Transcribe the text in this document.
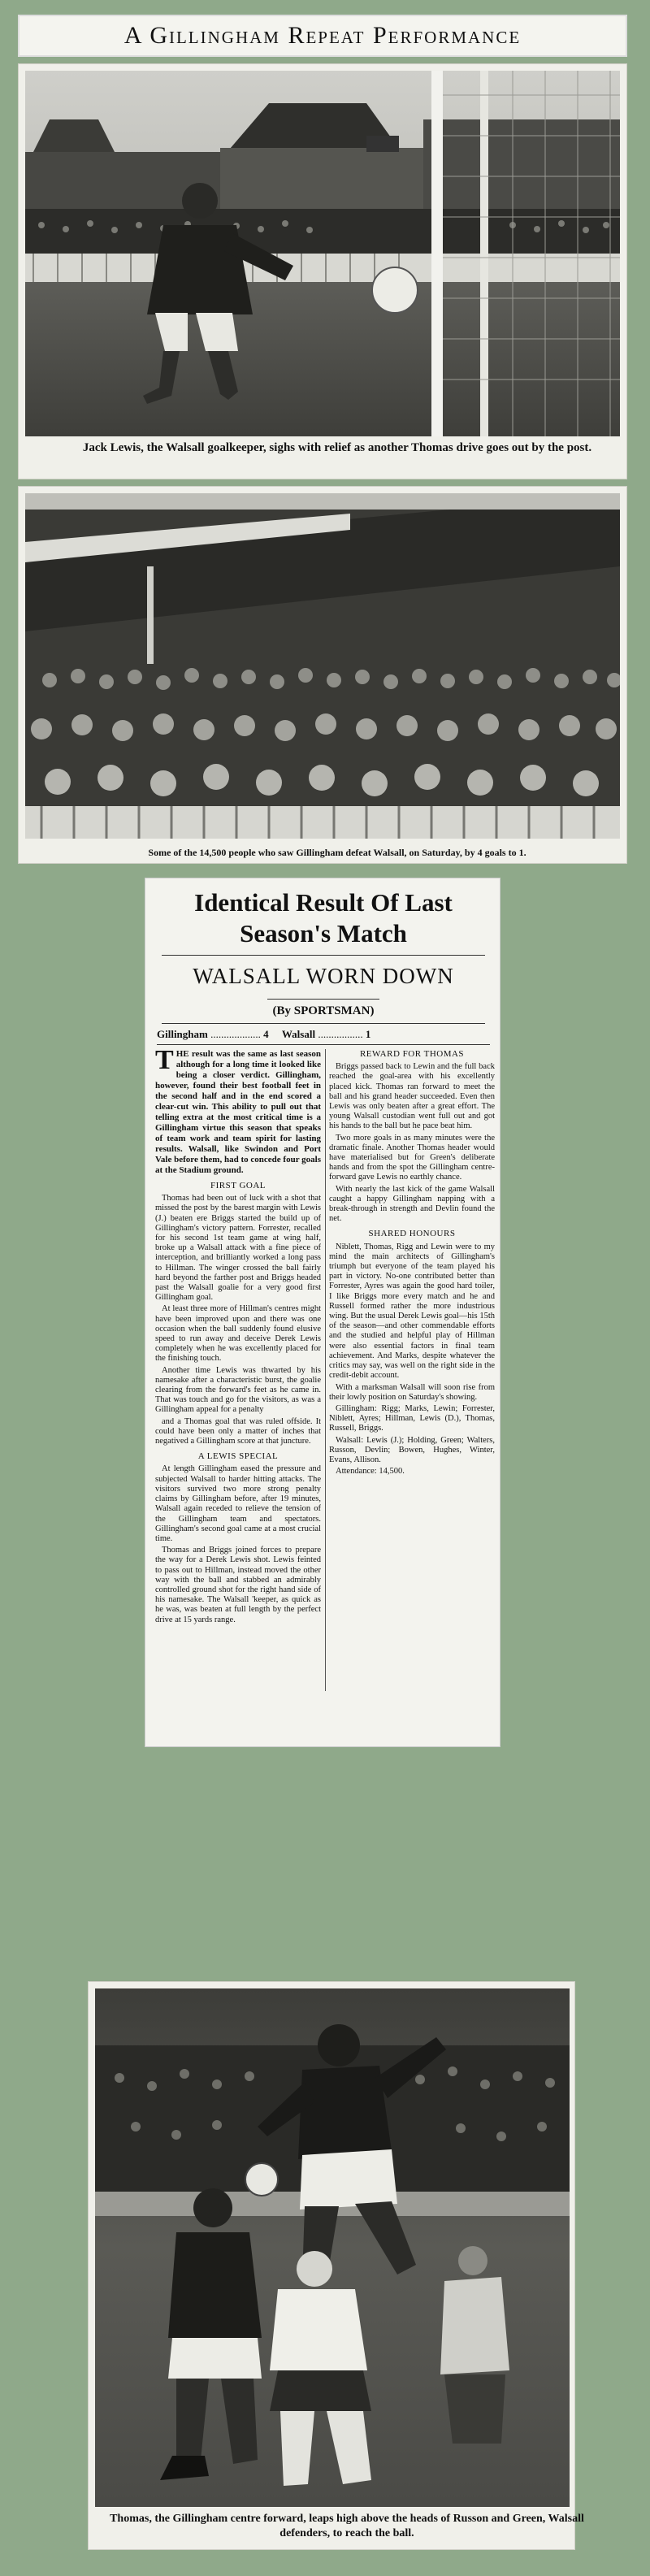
A Gillingham Repeat Performance
Jack Lewis, the Walsall goalkeeper, sighs with relief as another Thomas drive goes out by the post.
Some of the 14,500 people who saw Gillingham defeat Walsall, on Saturday, by 4 goals to 1.
Identical Result Of Last
Season's Match
WALSALL WORN DOWN
(By SPORTSMAN)
Gillingham ................... 4 Walsall ................. 1
T HE result was the same as last season although for a long time it looked like being a closer verdict. Gillingham, however, found their best football feet in the second half and in the end scored a clear-cut win. This ability to pull out that telling extra at the most critical time is a Gillingham virtue this season that speaks of team work and team spirit for lasting results. Walsall, like Swindon and Port Vale before them, had to concede four goals at the Stadium ground.

FIRST GOAL

Thomas had been out of luck with a shot that missed the post by the barest margin with Lewis (J.) beaten ere Briggs started the build up of Gillingham's victory pattern. Forrester, recalled for his second 1st team game at wing half, broke up a Walsall attack with a fine piece of interception, and brilliantly worked a long pass to Hillman. The winger crossed the ball fairly hard beyond the farther post and Briggs headed past the Walsall goalie for a very good first Gillingham goal.

At least three more of Hillman's centres might have been improved upon and there was one occasion when the ball suddenly found elusive speed to run away and deceive Derek Lewis completely when he was excellently placed for the finishing touch.

Another time Lewis was thwarted by his namesake after a characteristic burst, the goalie clearing from the forward's feet as he came in. That was touch and go for the visitors, as was a Gillingham appeal for a penalty

and a Thomas goal that was ruled offside. It could have been only a matter of inches that negatived a Gillingham score at that juncture.

A LEWIS SPECIAL

At length Gillingham eased the pressure and subjected Walsall to harder hitting attacks. The visitors survived two more strong penalty claims by Gillingham before, after 19 minutes, Walsall again receded to relieve the tension of the Gillingham team and spectators. Gillingham's second goal came at a most crucial time.

Thomas and Briggs joined forces to prepare the way for a Derek Lewis shot. Lewis feinted to pass out to Hillman, instead moved the other way with the ball and stabbed an admirably controlled ground shot for the right hand side of his namesake. The Walsall 'keeper, as quick as he was, was beaten at full length by the perfect drive at 15 yards range.

REWARD FOR THOMAS

Briggs passed back to Lewin and the full back reached the goal-area with his excellently placed kick. Thomas ran forward to meet the ball and his grand header succeeded. Even then Lewis was only beaten after a great effort. The young Walsall custodian went full out and got his hands to the ball but he pace beat him.

Two more goals in as many minutes were the dramatic finale. Another Thomas header would have materialised but for Green's deliberate hands and from the spot the Gillingham centre-forward gave Lewis no earthly chance.

With nearly the last kick of the game Walsall caught a happy Gillingham napping with a break-through in strength and Devlin found the net.

SHARED HONOURS

Niblett, Thomas, Rigg and Lewin were to my mind the main architects of Gillingham's triumph but everyone of the team played his part in victory. No-one contributed better than Forrester, Ayres was again the good hard toiler, I like Briggs more every match and he and Russell formed rather the more industrious wing. But the usual Derek Lewis goal—his 15th of the season—and other commendable efforts and the studied and helpful play of Hillman were also essential factors in final team achievement. And Marks, despite whatever the critics may say, was well on the right side in the credit-debit account.

With a marksman Walsall will soon rise from their lowly position on Saturday's showing.

Gillingham: Rigg; Marks, Lewin; Forrester, Niblett, Ayres; Hillman, Lewis (D.), Thomas, Russell, Briggs.

Walsall: Lewis (J.); Holding, Green; Walters, Russon, Devlin; Bowen, Hughes, Winter, Evans, Allison.

Attendance: 14,500.

Thomas, the Gillingham centre forward, leaps high above the heads of Russon and Green, Walsall defenders, to reach the ball.
